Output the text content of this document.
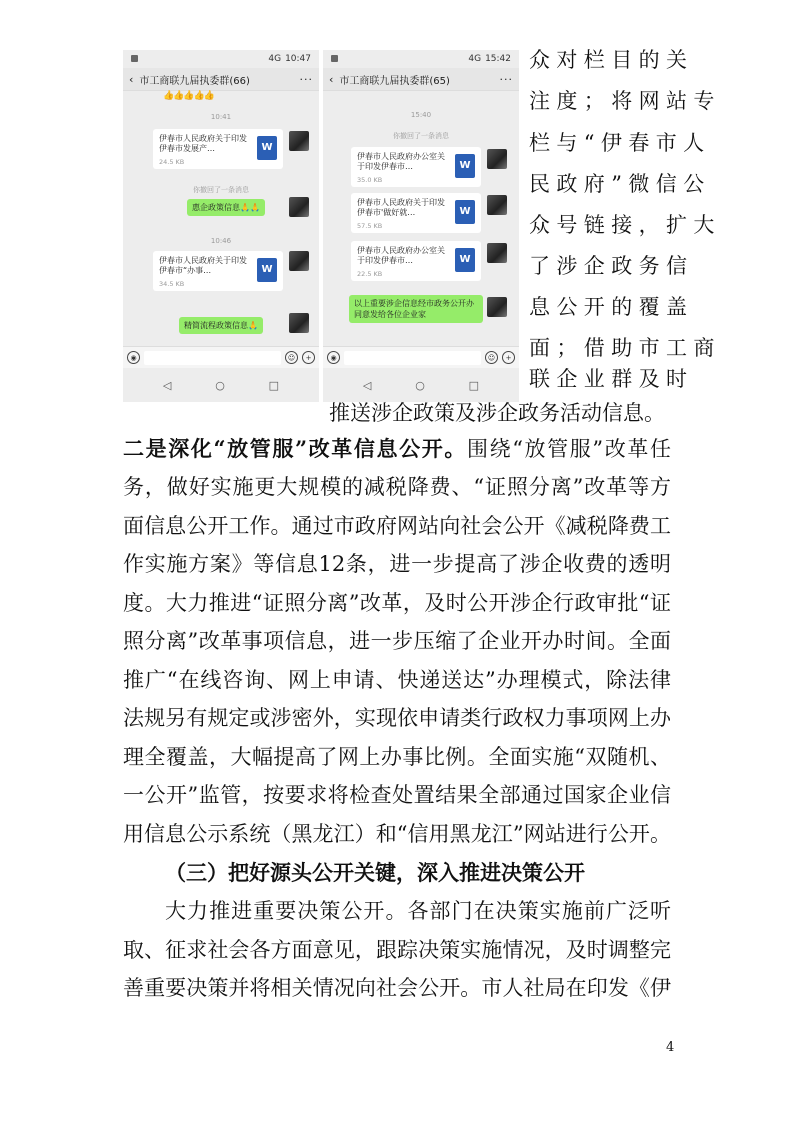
4G 10:47
‹ 市工商联九届执委群(66)	···
👍👍👍👍👍
10:41
伊春市人民政府关于印发伊春市发展产…
24.5 KB
W
你撤回了一条消息
惠企政策信息🙏🙏
10:46
伊春市人民政府关于印发伊春市“办事…
34.5 KB
W
精简流程政策信息🙏
◉	☺	+
◁	○	□
4G 15:42
‹ 市工商联九届执委群(65)	···
15:40
你撤回了一条消息
伊春市人民政府办公室关于印发伊春市…
35.0 KB
W
伊春市人民政府关于印发伊春市'做好就…
57.5 KB
W
伊春市人民政府办公室关于印发伊春市…
22.5 KB
W
以上重要涉企信息经市政务公开办同意发给各位企业家
◉	☺	+
◁	○	□
众对栏目的关
注度；将网站专
栏与“伊春市人
民政府”微信公
众号链接，扩大
了涉企政务信
息公开的覆盖
面；借助市工商
联企业群及时
推送涉企政策及涉企政务活动信息。
二是深化“放管服”改革信息公开。围绕“放管服”改革任
务，做好实施更大规模的减税降费、“证照分离”改革等方
面信息公开工作。通过市政府网站向社会公开《减税降费工
作实施方案》等信息12条，进一步提高了涉企收费的透明
度。大力推进“证照分离”改革，及时公开涉企行政审批“证
照分离”改革事项信息，进一步压缩了企业开办时间。全面
推广“在线咨询、网上申请、快递送达”办理模式，除法律
法规另有规定或涉密外，实现依申请类行政权力事项网上办
理全覆盖，大幅提高了网上办事比例。全面实施“双随机、
一公开”监管，按要求将检查处置结果全部通过国家企业信
用信息公示系统（黑龙江）和“信用黑龙江”网站进行公开。
（三）把好源头公开关键，深入推进决策公开
大力推进重要决策公开。各部门在决策实施前广泛听
取、征求社会各方面意见，跟踪决策实施情况，及时调整完
善重要决策并将相关情况向社会公开。市人社局在印发《伊
4
